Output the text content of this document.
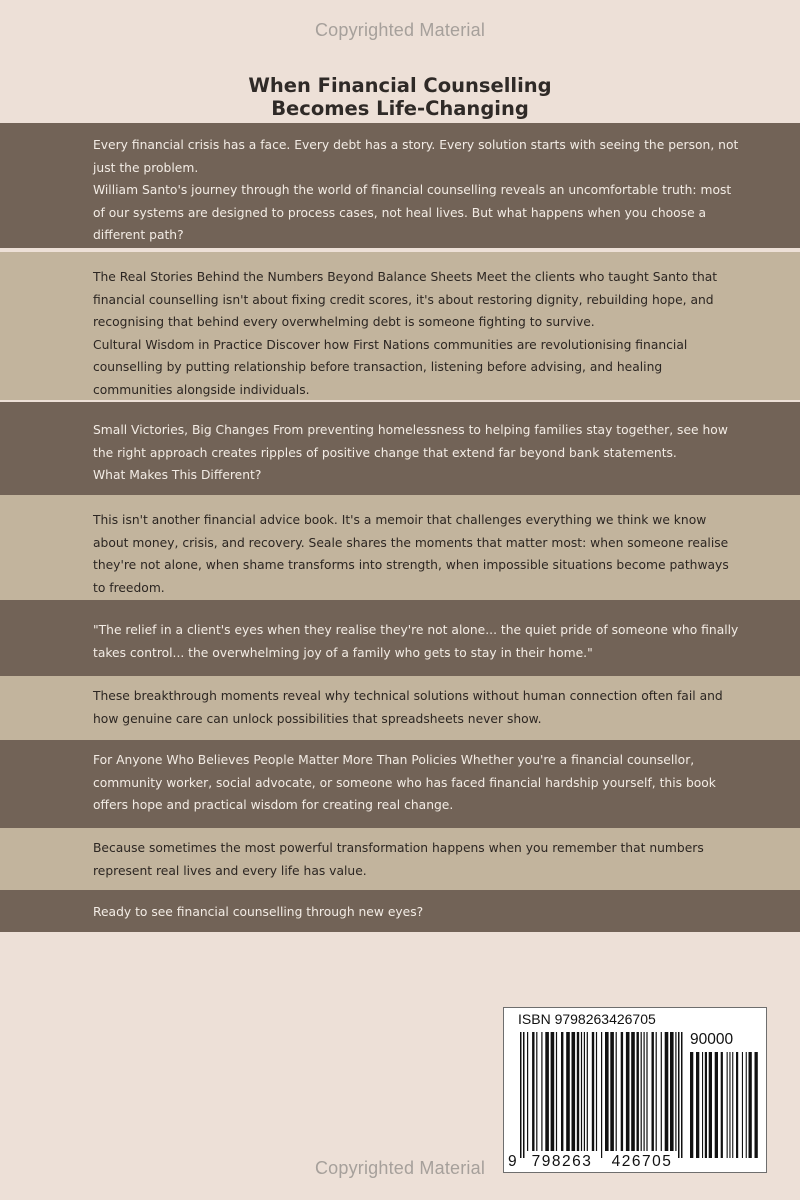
Copyrighted Material
When Financial Counselling
Becomes Life-Changing

Every financial crisis has a face. Every debt has a story. Every solution starts with seeing the person, not

just the problem.

William Santo's journey through the world of financial counselling reveals an uncomfortable truth: most

of our systems are designed to process cases, not heal lives. But what happens when you choose a

different path?

The Real Stories Behind the Numbers Beyond Balance Sheets Meet the clients who taught Santo that

financial counselling isn't about fixing credit scores, it's about restoring dignity, rebuilding hope, and

recognising that behind every overwhelming debt is someone fighting to survive.

Cultural Wisdom in Practice Discover how First Nations communities are revolutionising financial

counselling by putting relationship before transaction, listening before advising, and healing

communities alongside individuals.

Small Victories, Big Changes From preventing homelessness to helping families stay together, see how

the right approach creates ripples of positive change that extend far beyond bank statements.

What Makes This Different?

This isn't another financial advice book. It's a memoir that challenges everything we think we know

about money, crisis, and recovery. Seale shares the moments that matter most: when someone realise

they're not alone, when shame transforms into strength, when impossible situations become pathways

to freedom.

"The relief in a client's eyes when they realise they're not alone... the quiet pride of someone who finally

takes control... the overwhelming joy of a family who gets to stay in their home."

These breakthrough moments reveal why technical solutions without human connection often fail and

how genuine care can unlock possibilities that spreadsheets never show.

For Anyone Who Believes People Matter More Than Policies Whether you're a financial counsellor,

community worker, social advocate, or someone who has faced financial hardship yourself, this book

offers hope and practical wisdom for creating real change.

Because sometimes the most powerful transformation happens when you remember that numbers

represent real lives and every life has value.

Ready to see financial counselling through new eyes?

ISBN 9798263426705
90000
9 798263	426705
Copyrighted Material
